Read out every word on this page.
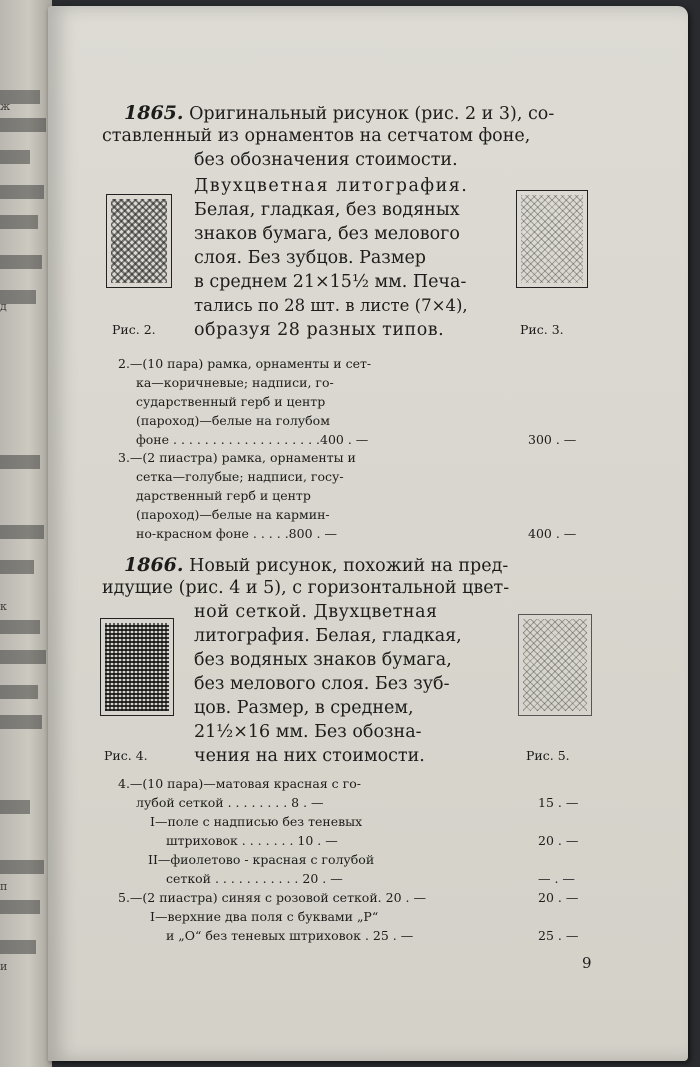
ж
д
к
п
и
1865. Оригинальный рисунок (рис. 2 и 3), со-
ставленный из орнаментов на сетчатом фоне,
без обозначения стоимости.
Двухцветная литография.
Белая, гладкая, без водяных
знаков бумага, без мелового
слоя. Без зубцов. Размер
в среднем 21×15½ мм. Печа-
тались по 28 шт. в листе (7×4),
образуя 28 разных типов.
Рис. 2.	Рис. 3.
2.—(10 пара) рамка, орнаменты и сет-
ка—коричневые; надписи, го-
сударственный герб и центр
(пароход)—белые на голубом
фоне . . . . . . . . . . . . . . . . . . .400 . —	300 . —
3.—(2 пиастра) рамка, орнаменты и
сетка—голубые; надписи, госу-
дарственный герб и центр
(пароход)—белые на кармин-
но-красном фоне . . . . .800 . —	400 . —
1866. Новый рисунок, похожий на пред-
идущие (рис. 4 и 5), с горизонтальной цвет-
ной сеткой. Двухцветная
литография. Белая, гладкая,
без водяных знаков бумага,
без мелового слоя. Без зуб-
цов. Размер, в среднем,
21½×16 мм. Без обозна-
чения на них стоимости.
Рис. 4.	Рис. 5.
4.—(10 пара)—матовая красная с го-
лубой сеткой . . . . . . . . 8 . —	15 . —
I—поле с надписью без теневых
штриховок . . . . . . . 10 . —	20 . —
II—фиолетово - красная с голубой
сеткой . . . . . . . . . . . 20 . —	— . —
5.—(2 пиастра) синяя с розовой сеткой. 20 . —	20 . —
I—верхние два поля с буквами „Р“
и „О“ без теневых штриховок . 25 . —	25 . —
9
